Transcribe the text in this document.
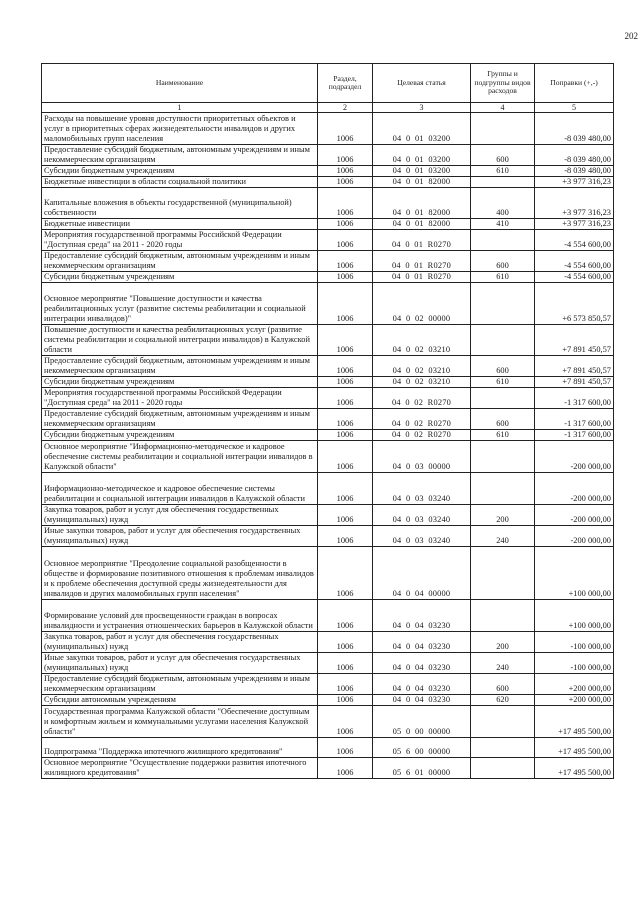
202
Наименование	Раздел, подраздел	Целевая статья	Группы и подгруппы видов расходов	Поправки (+,-)
1	2	3	4	5
Расходы на повышение уровня доступности приоритетных объектов и услуг в приоритетных сферах жизнедеятельности инвалидов и других маломобильных групп населения	1006	04  0  01  03200		-8 039 480,00
Предоставление субсидий бюджетным, автономным учреждениям и иным некоммерческим организациям	1006	04  0  01  03200	600	-8 039 480,00
Субсидии бюджетным учреждениям	1006	04  0  01  03200	610	-8 039 480,00
Бюджетные инвестиции в области социальной политики	1006	04  0  01  82000		+3 977 316,23
Капитальные вложения в объекты государственной (муниципальной) собственности	1006	04  0  01  82000	400	+3 977 316,23
Бюджетные инвестиции	1006	04  0  01  82000	410	+3 977 316,23
Мероприятия государственной программы Российской Федерации "Доступная среда" на 2011 - 2020 годы	1006	04  0  01  R0270		-4 554 600,00
Предоставление субсидий бюджетным, автономным учреждениям и иным некоммерческим организациям	1006	04  0  01  R0270	600	-4 554 600,00
Субсидии бюджетным учреждениям	1006	04  0  01  R0270	610	-4 554 600,00
Основное мероприятие "Повышение доступности и качества реабилитационных услуг (развитие системы реабилитации и социальной интеграции инвалидов)"	1006	04  0  02  00000		+6 573 850,57
Повышение доступности и качества реабилитационных услуг (развитие системы реабилитации и социальной интеграции инвалидов) в Калужской области	1006	04  0  02  03210		+7 891 450,57
Предоставление субсидий бюджетным, автономным учреждениям и иным некоммерческим организациям	1006	04  0  02  03210	600	+7 891 450,57
Субсидии бюджетным учреждениям	1006	04  0  02  03210	610	+7 891 450,57
Мероприятия государственной программы Российской Федерации "Доступная среда" на 2011 - 2020 годы	1006	04  0  02  R0270		-1 317 600,00
Предоставление субсидий бюджетным, автономным учреждениям и иным некоммерческим организациям	1006	04  0  02  R0270	600	-1 317 600,00
Субсидии бюджетным учреждениям	1006	04  0  02  R0270	610	-1 317 600,00
Основное мероприятие "Информационно-методическое и кадровое обеспечение системы реабилитации и социальной интеграции инвалидов в Калужской области"	1006	04  0  03  00000		-200 000,00
Информационно-методическое и кадровое обеспечение системы реабилитации и социальной интеграции инвалидов в Калужской области	1006	04  0  03  03240		-200 000,00
Закупка товаров, работ и услуг для обеспечения государственных (муниципальных) нужд	1006	04  0  03  03240	200	-200 000,00
Иные закупки товаров, работ и услуг для обеспечения государственных (муниципальных) нужд	1006	04  0  03  03240	240	-200 000,00
Основное мероприятие "Преодоление социальной разобщенности в обществе и формирование позитивного отношения к проблемам инвалидов и к проблеме обеспечения доступной среды жизнедеятельности для инвалидов и других маломобильных групп населения"	1006	04  0  04  00000		+100 000,00
Формирование условий для просвещенности граждан в вопросах инвалидности и устранения отношенческих барьеров в Калужской области	1006	04  0  04  03230		+100 000,00
Закупка товаров, работ и услуг для обеспечения государственных (муниципальных) нужд	1006	04  0  04  03230	200	-100 000,00
Иные закупки товаров, работ и услуг для обеспечения государственных (муниципальных) нужд	1006	04  0  04  03230	240	-100 000,00
Предоставление субсидий бюджетным, автономным учреждениям и иным некоммерческим организациям	1006	04  0  04  03230	600	+200 000,00
Субсидии автономным учреждениям	1006	04  0  04  03230	620	+200 000,00
Государственная программа Калужской области "Обеспечение доступным и комфортным жильем и коммунальными услугами населения Калужской области"	1006	05  0  00  00000		+17 495 500,00
Подпрограмма "Поддержка ипотечного жилищного кредитования"	1006	05  6  00  00000		+17 495 500,00
Основное мероприятие "Осуществление поддержки развития ипотечного жилищного кредитования"	1006	05  6  01  00000		+17 495 500,00
